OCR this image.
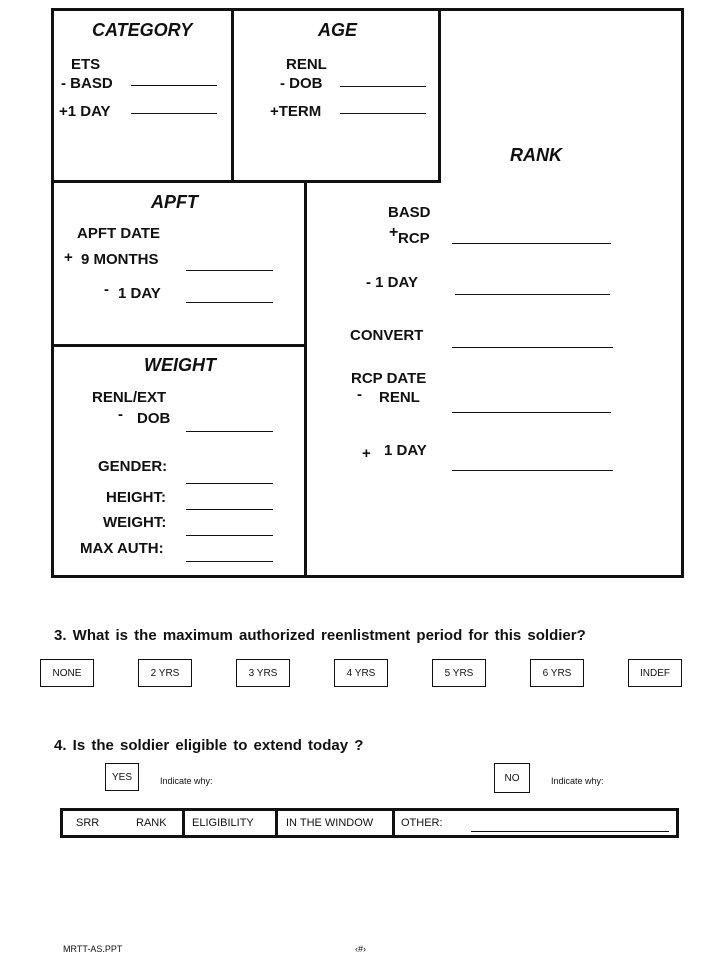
CATEGORY
ETS
- BASD
+1 DAY
AGE
RENL
- DOB
+TERM
RANK
BASD
+ RCP
- 1 DAY
CONVERT
RCP DATE
- RENL
+ 1 DAY
APFT
APFT DATE
+ 9 MONTHS
- 1 DAY
WEIGHT
RENL/EXT
- DOB
GENDER:
HEIGHT:
WEIGHT:
MAX AUTH:
3. What is the maximum authorized reenlistment period for this soldier?
NONE	2 YRS	3 YRS	4 YRS	5 YRS	6 YRS	INDEF
4. Is the soldier eligible to extend today ?
YES	Indicate why:	NO	Indicate why:
SRR	RANK ELIGIBILITY	IN THE WINDOW	OTHER:
MRTT-AS.PPT	‹#›
